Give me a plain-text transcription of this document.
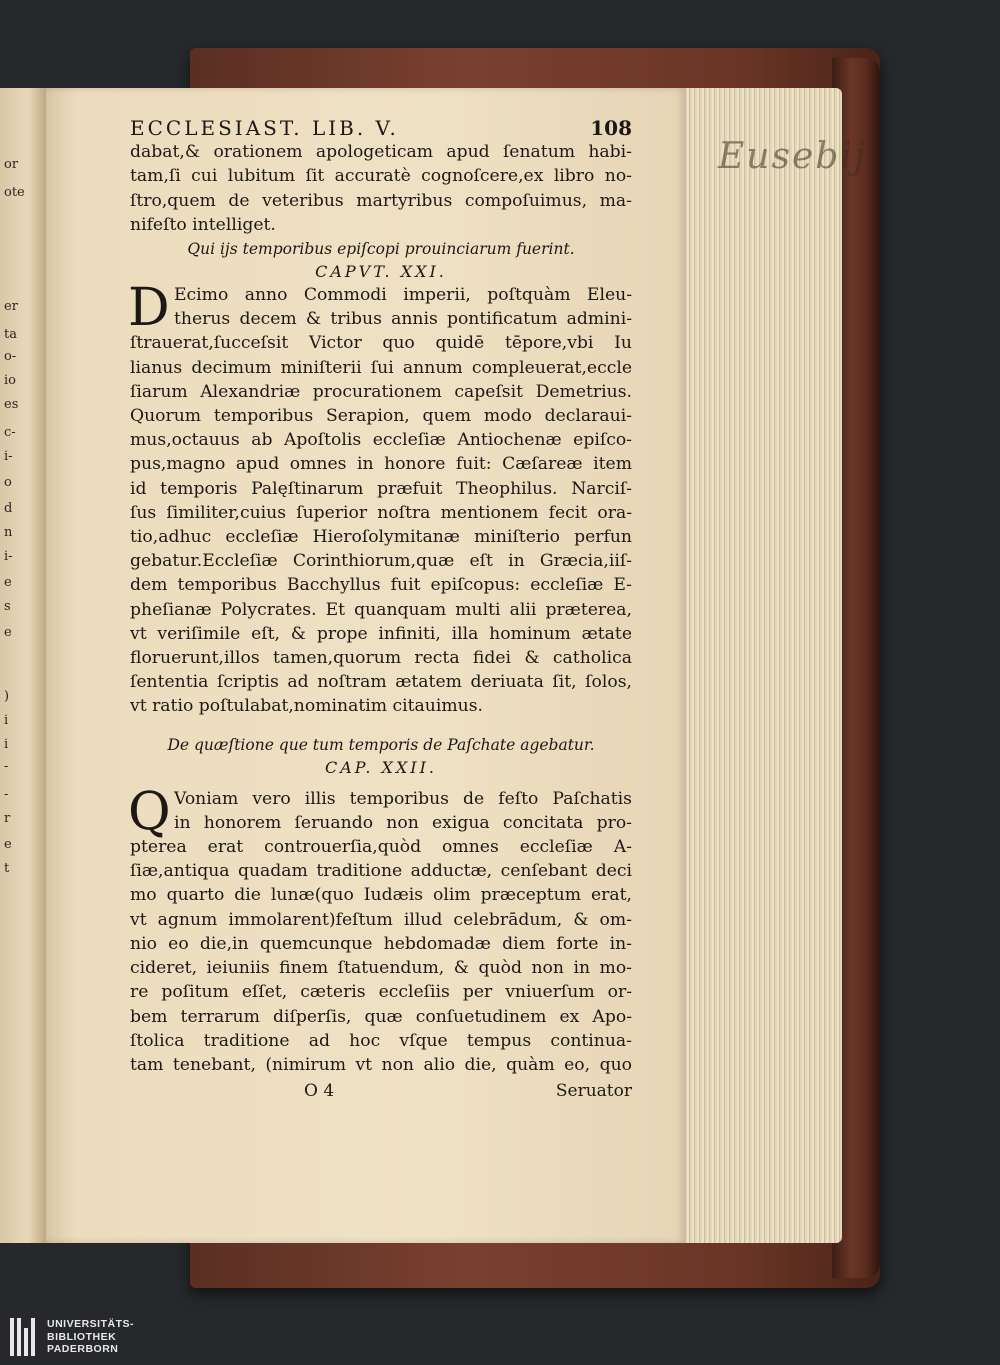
or
ote
er
ta
o-
io
es
c-
i-
o
d
n
i-
e
s
e
)
i
i
-
-
r
e
t
Eusebij
ECCLESIAST. LIB. V.	108
dabat,& orationem apologeticam apud ſenatum habi-
tam,ſi cui lubitum ſit accuratè cognoſcere,ex libro no-
ſtro,quem de veteribus martyribus compoſuimus, ma-
nifeſto intelliget.
Qui ijs temporibus epiſcopi prouinciarum fuerint.
CAPVT. XXI.
D Ecimo anno Commodi imperii, poſtquàm Eleu-
therus decem & tribus annis pontificatum admini-
ſtrauerat,ſucceſsit Victor quo quidē tēpore,vbi Iu
lianus decimum miniſterii ſui annum compleuerat,eccle
ſiarum Alexandriæ procurationem capeſsit Demetrius.
Quorum temporibus Serapion, quem modo declaraui-
mus,octauus ab Apoſtolis eccleſiæ Antiochenæ epiſco-
pus,magno apud omnes in honore fuit: Cæſareæ item
id temporis Palęſtinarum præfuit Theophilus. Narciſ-
ſus ſimiliter,cuius ſuperior noſtra mentionem fecit ora-
tio,adhuc eccleſiæ Hieroſolymitanæ miniſterio perfun
gebatur.Eccleſiæ Corinthiorum,quæ eſt in Græcia,iiſ-
dem temporibus Bacchyllus fuit epiſcopus: eccleſiæ E-
pheſianæ Polycrates. Et quanquam multi alii præterea,
vt veriſimile eſt, & prope infiniti, illa hominum ætate
floruerunt,illos tamen,quorum recta fidei & catholica
ſententia ſcriptis ad noſtram ætatem deriuata ſit, ſolos,
vt ratio poſtulabat,nominatim citauimus.
De quæſtione que tum temporis de Paſchate agebatur.
CAP. XXII.
Q Voniam vero illis temporibus de feſto Paſchatis
in honorem ſeruando non exigua concitata pro-
pterea erat controuerſia,quòd omnes eccleſiæ A-
ſiæ,antiqua quadam traditione adductæ, cenſebant deci
mo quarto die lunæ(quo Iudæis olim præceptum erat,
vt agnum immolarent)feſtum illud celebrādum, & om-
nio eo die,in quemcunque hebdomadæ diem forte in-
cideret, ieiuniis finem ſtatuendum, & quòd non in mo-
re poſitum eſſet, cæteris eccleſiis per vniuerſum or-
bem terrarum diſperſis, quæ conſuetudinem ex Apo-
ſtolica traditione ad hoc vſque tempus continua-
tam tenebant, (nimirum vt non alio die, quàm eo, quo
O 4	Seruator
UNIVERSITÄTS-
BIBLIOTHEK
PADERBORN
